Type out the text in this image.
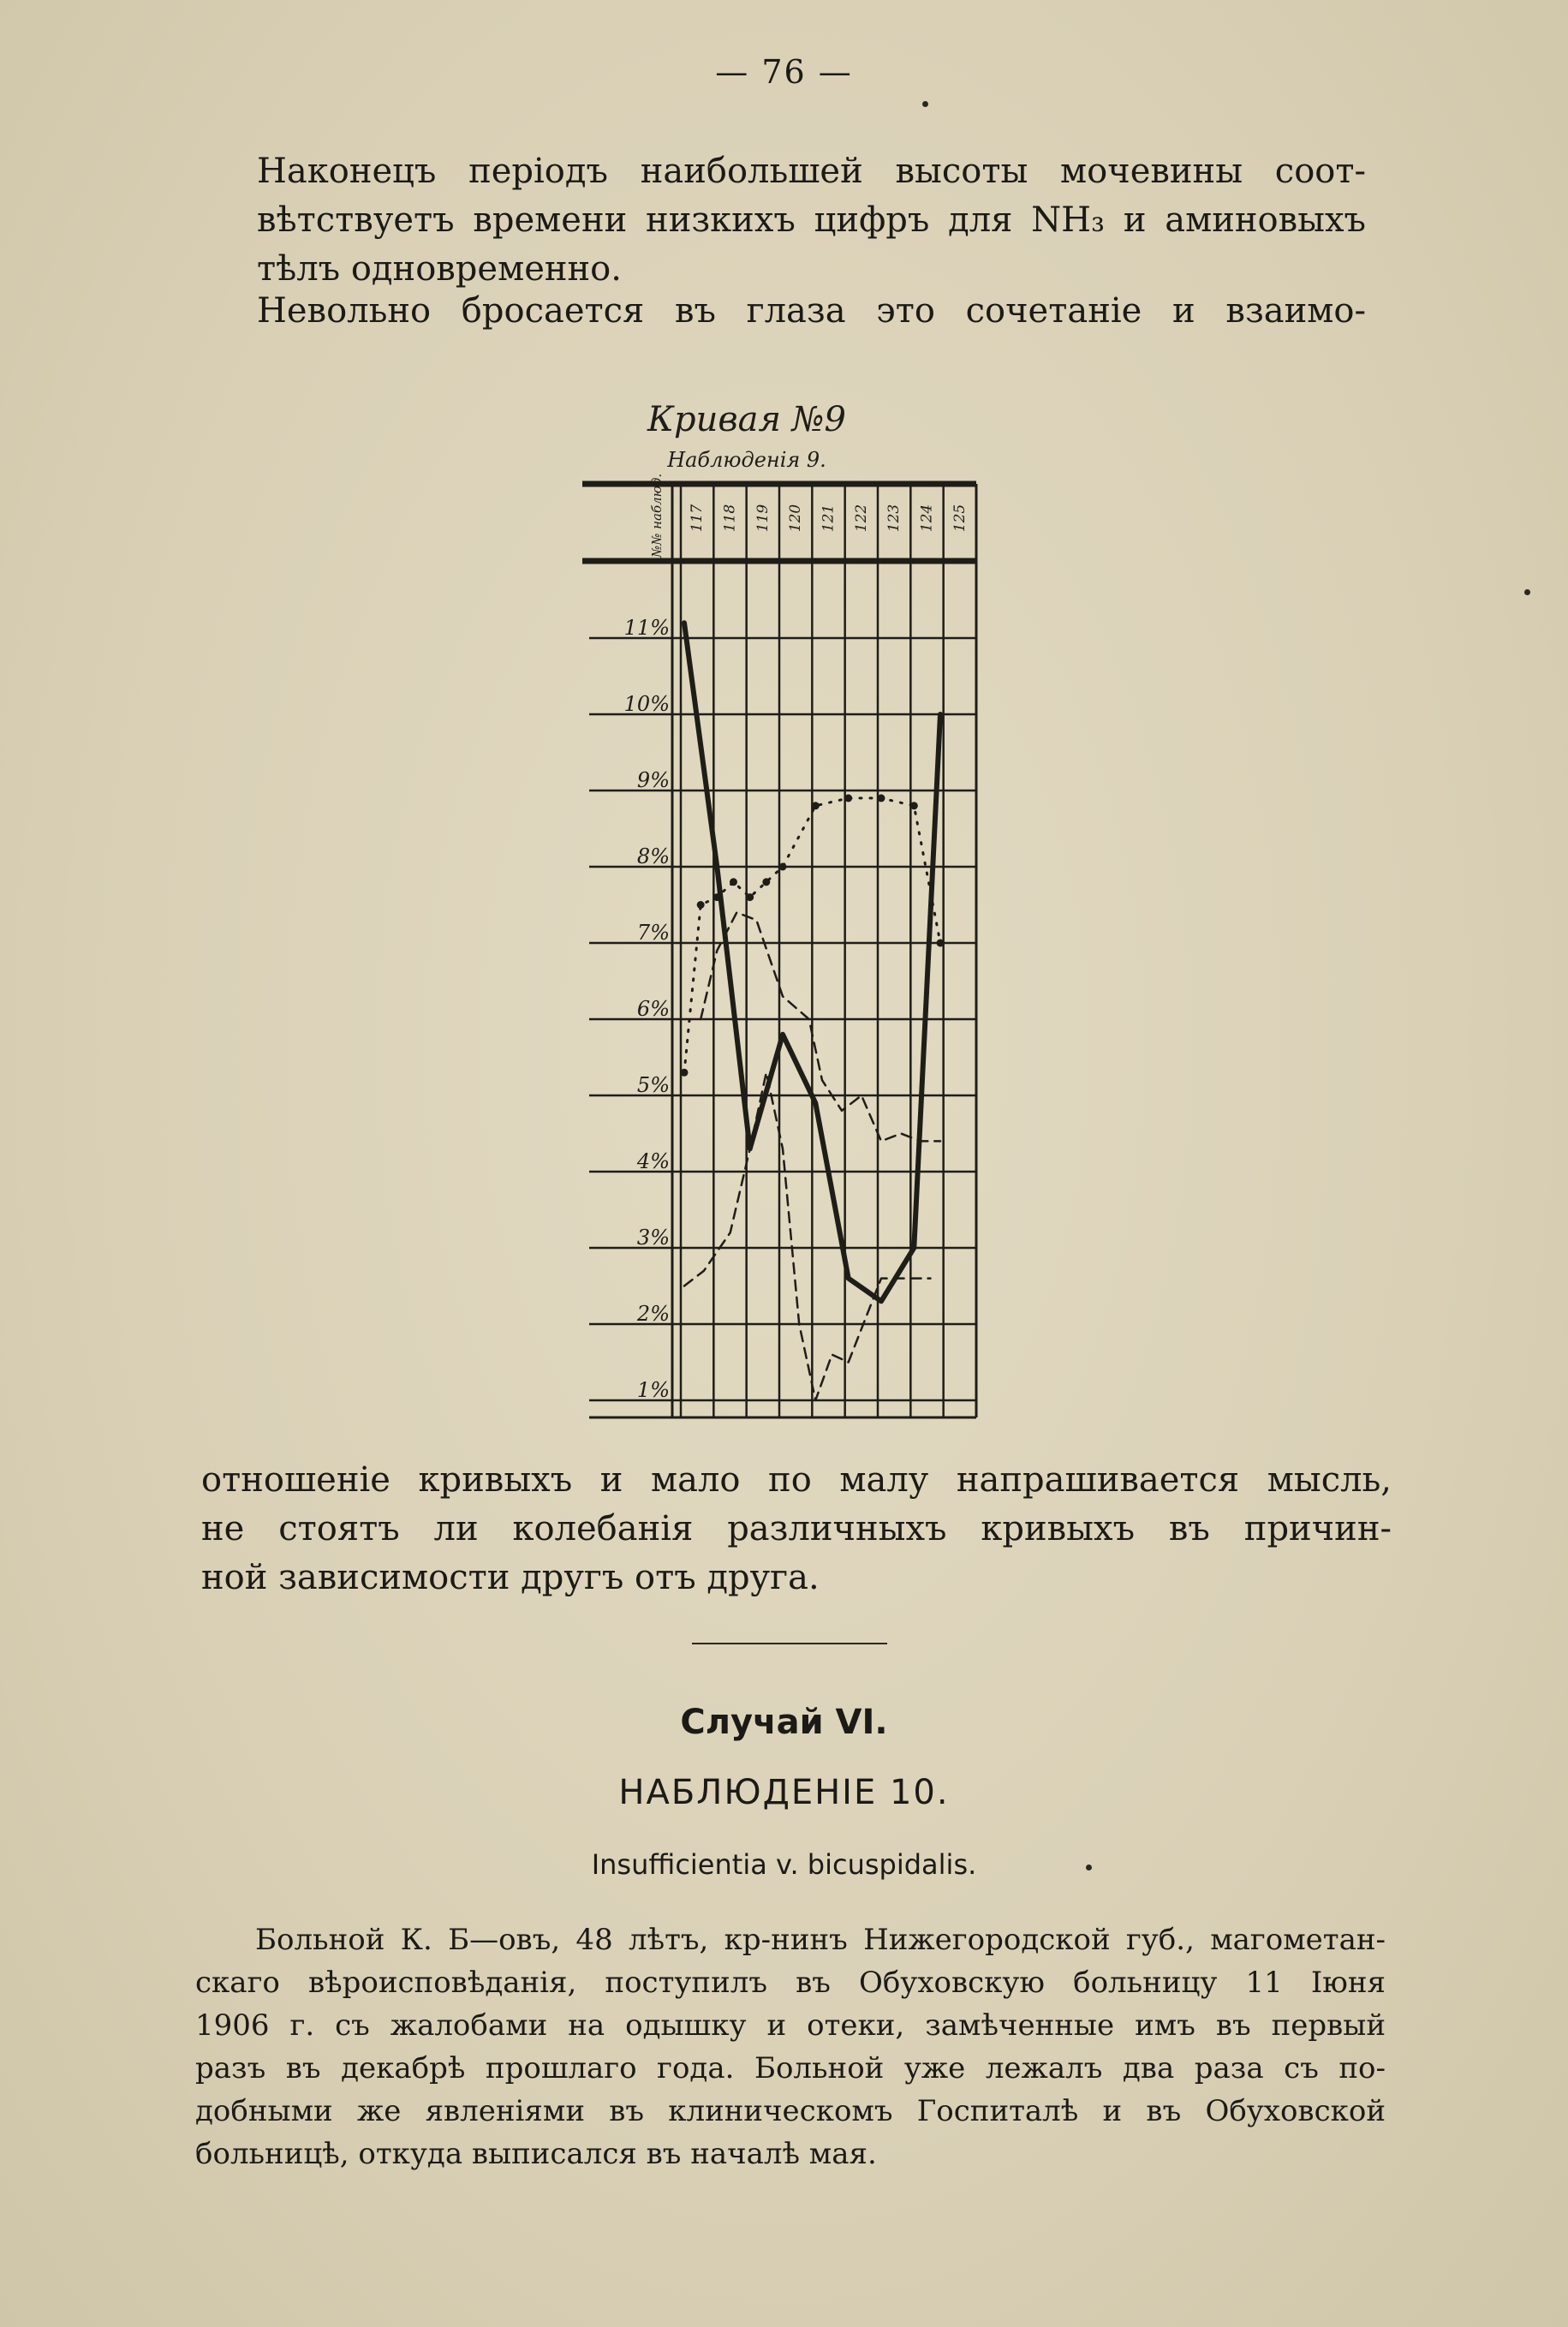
— 76 —
Наконецъ періодъ наибольшей высоты мочевины соот-
вѣтствуетъ времени низкихъ цифръ для NH₃ и аминовыхъ
тѣлъ одновременно.
Невольно бросается въ глаза это сочетаніе и взаимо-
Кривая №9
Наблюденія 9.
№№ наблюд. 117 118 119 120 121 122 123 124 125
11%
10%
9%
8%
7%
6%
5%
4%
3%
2%
1%
отношеніе кривыхъ и мало по малу напрашивается мысль,
не стоятъ ли колебанія различныхъ кривыхъ въ причин-
ной зависимости другъ отъ друга.
Случай VI.
НАБЛЮДЕНІЕ 10.
Insufficientia v. bicuspidalis.
Больной К. Б—овъ, 48 лѣтъ, кр-нинъ Нижегородской губ., магометан-
скаго вѣроисповѣданія, поступилъ въ Обуховскую больницу 11 Іюня
1906 г. съ жалобами на одышку и отеки, замѣченные имъ въ первый
разъ въ декабрѣ прошлаго года. Больной уже лежалъ два раза съ по-
добными же явленіями въ клиническомъ Госпиталѣ и въ Обуховской
больницѣ, откуда выписался въ началѣ мая.
